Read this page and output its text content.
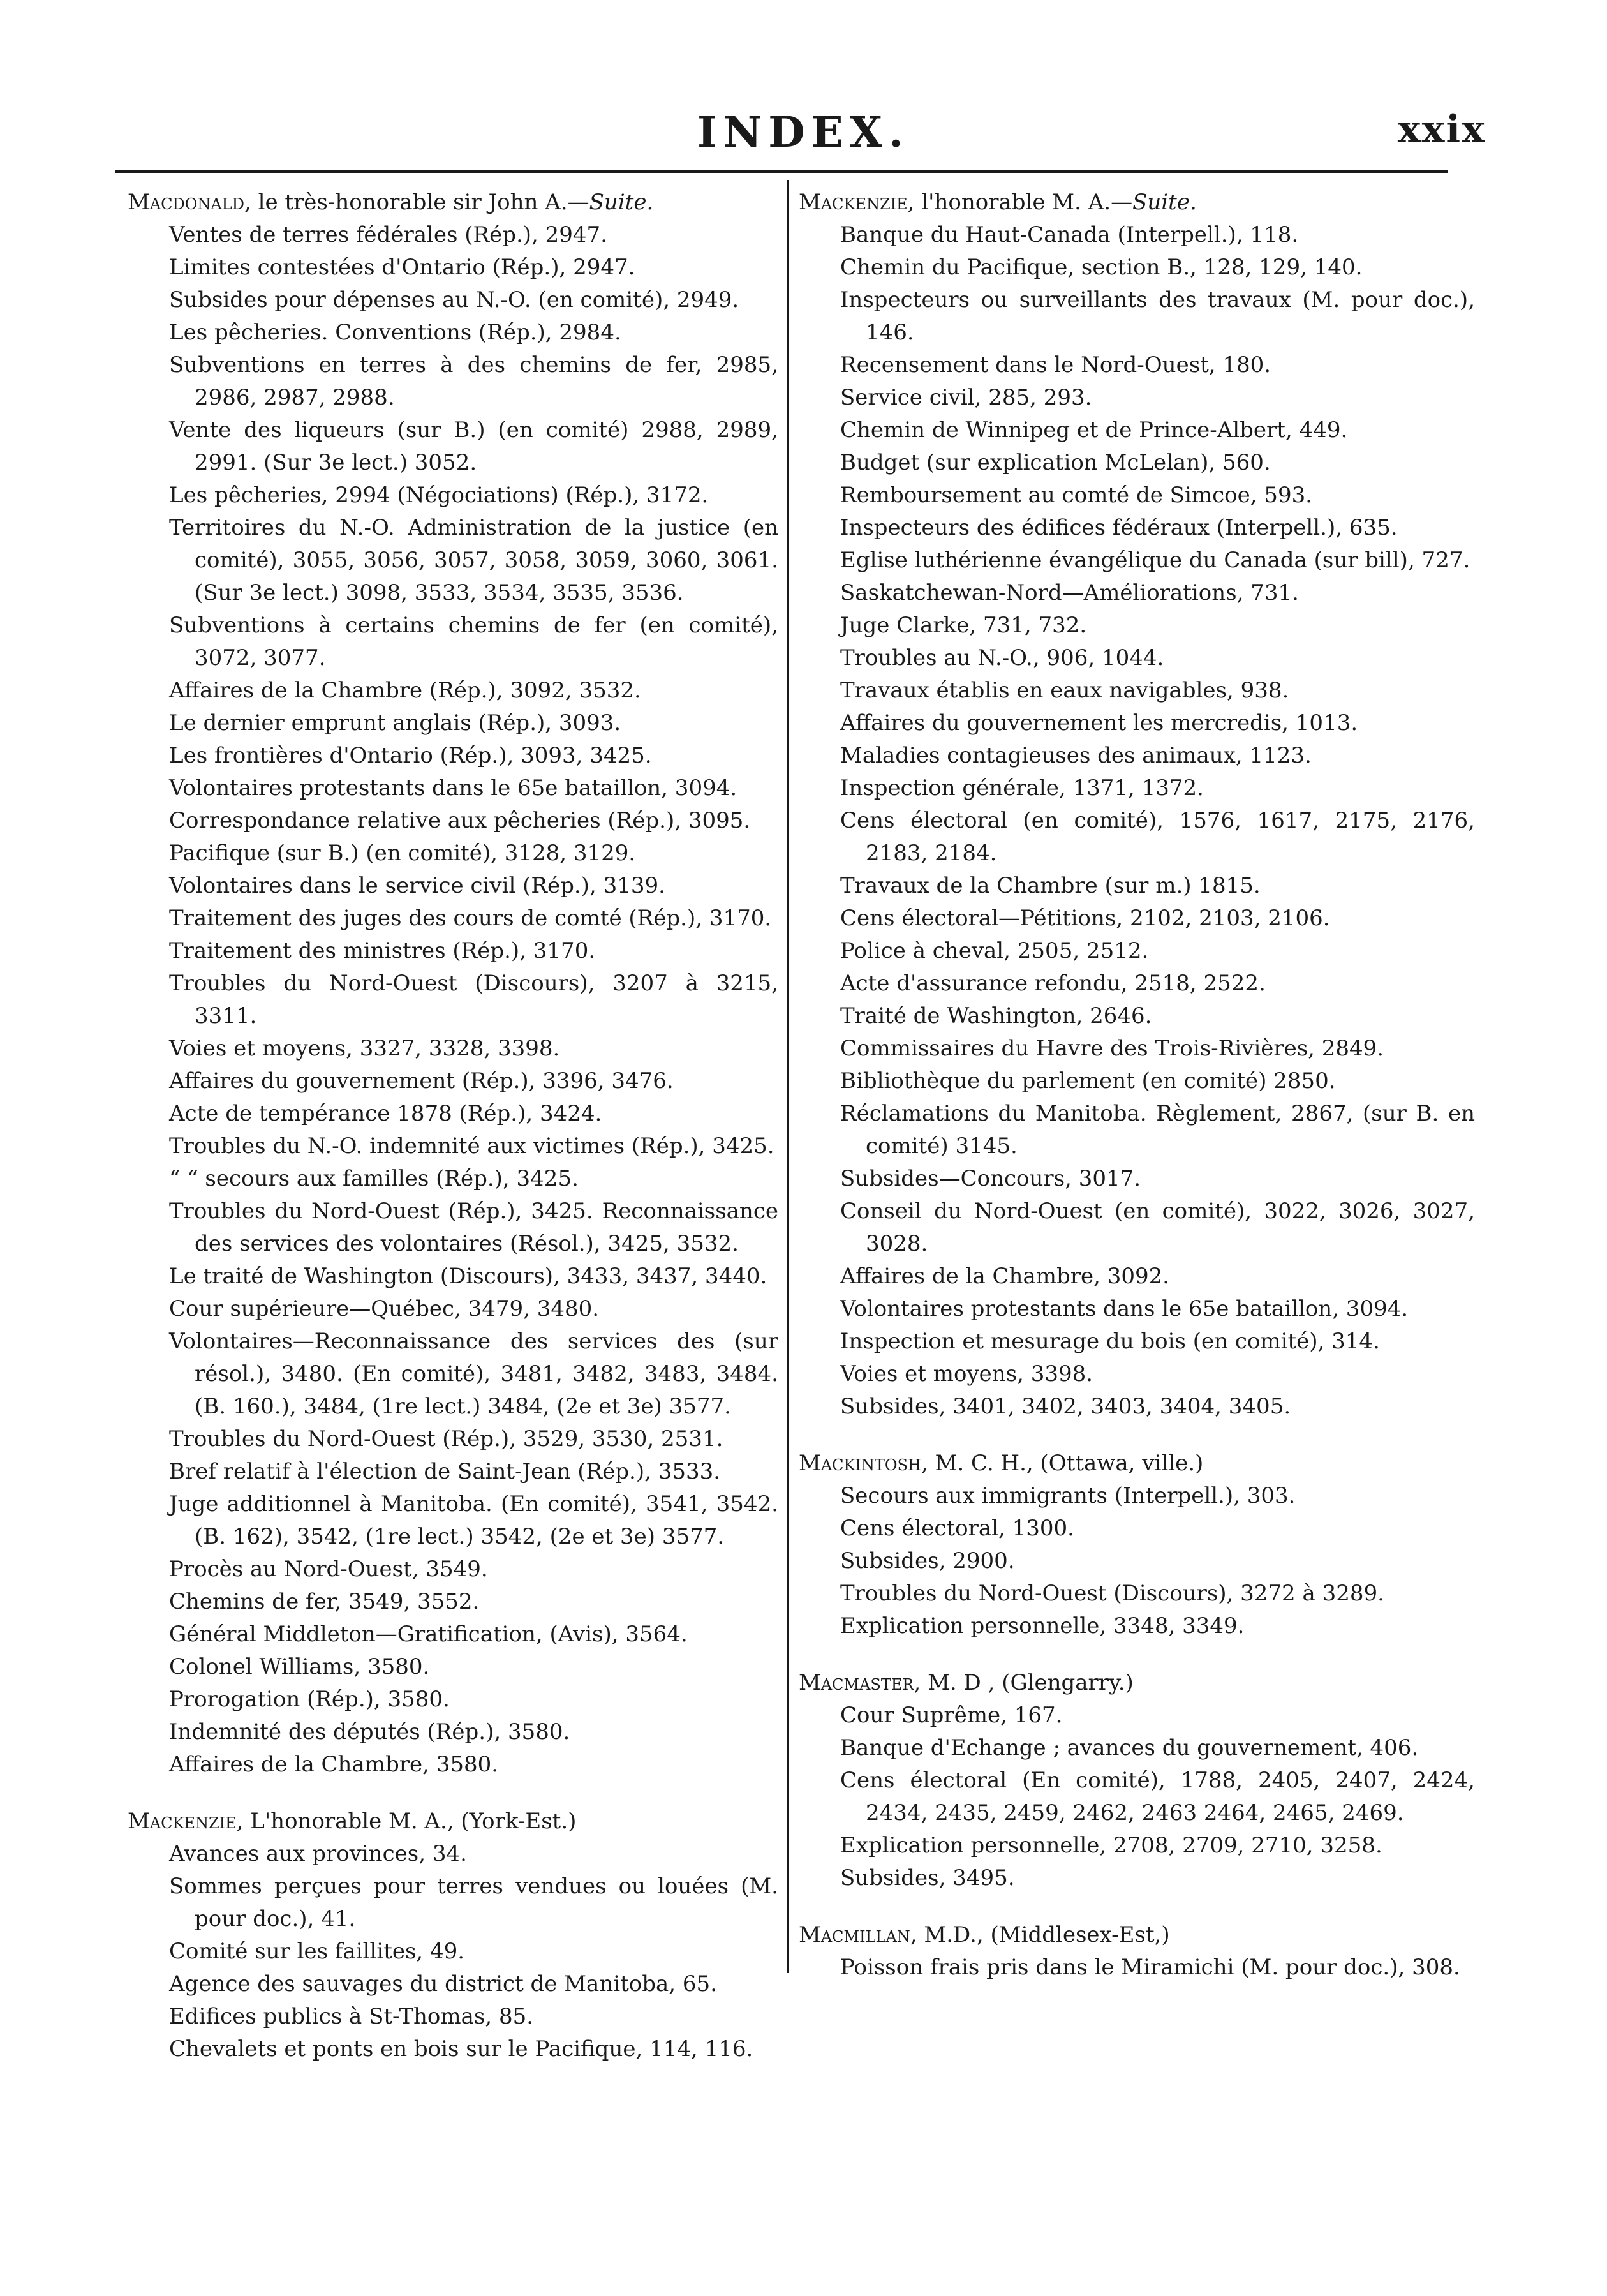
INDEX.	xxix
Macdonald, le très-honorable sir John A.—Suite.
Ventes de terres fédérales (Rép.), 2947.
Limites contestées d'Ontario (Rép.), 2947.
Subsides pour dépenses au N.-O. (en comité), 2949.
Les pêcheries. Conventions (Rép.), 2984.
Subventions en terres à des chemins de fer, 2985, 2986, 2987, 2988.
Vente des liqueurs (sur B.) (en comité) 2988, 2989, 2991. (Sur 3e lect.) 3052.
Les pêcheries, 2994 (Négociations) (Rép.), 3172.
Territoires du N.-O. Administration de la justice (en comité), 3055, 3056, 3057, 3058, 3059, 3060, 3061. (Sur 3e lect.) 3098, 3533, 3534, 3535, 3536.
Subventions à certains chemins de fer (en comité), 3072, 3077.
Affaires de la Chambre (Rép.), 3092, 3532.
Le dernier emprunt anglais (Rép.), 3093.
Les frontières d'Ontario (Rép.), 3093, 3425.
Volontaires protestants dans le 65e bataillon, 3094.
Correspondance relative aux pêcheries (Rép.), 3095.
Pacifique (sur B.) (en comité), 3128, 3129.
Volontaires dans le service civil (Rép.), 3139.
Traitement des juges des cours de comté (Rép.), 3170.
Traitement des ministres (Rép.), 3170.
Troubles du Nord-Ouest (Discours), 3207 à 3215, 3311.
Voies et moyens, 3327, 3328, 3398.
Affaires du gouvernement (Rép.), 3396, 3476.
Acte de tempérance 1878 (Rép.), 3424.
Troubles du N.-O. indemnité aux victimes (Rép.), 3425.
“ “ secours aux familles (Rép.), 3425.
Troubles du Nord-Ouest (Rép.), 3425. Reconnaissance des services des volontaires (Résol.), 3425, 3532.
Le traité de Washington (Discours), 3433, 3437, 3440.
Cour supérieure—Québec, 3479, 3480.
Volontaires—Reconnaissance des services des (sur résol.), 3480. (En comité), 3481, 3482, 3483, 3484. (B. 160.), 3484, (1re lect.) 3484, (2e et 3e) 3577.
Troubles du Nord-Ouest (Rép.), 3529, 3530, 2531.
Bref relatif à l'élection de Saint-Jean (Rép.), 3533.
Juge additionnel à Manitoba. (En comité), 3541, 3542. (B. 162), 3542, (1re lect.) 3542, (2e et 3e) 3577.
Procès au Nord-Ouest, 3549.
Chemins de fer, 3549, 3552.
Général Middleton—Gratification, (Avis), 3564.
Colonel Williams, 3580.
Prorogation (Rép.), 3580.
Indemnité des députés (Rép.), 3580.
Affaires de la Chambre, 3580.
Mackenzie, L'honorable M. A., (York-Est.)
Avances aux provinces, 34.
Sommes perçues pour terres vendues ou louées (M. pour doc.), 41.
Comité sur les faillites, 49.
Agence des sauvages du district de Manitoba, 65.
Edifices publics à St-Thomas, 85.
Chevalets et ponts en bois sur le Pacifique, 114, 116.
Mackenzie, l'honorable M. A.—Suite.
Banque du Haut-Canada (Interpell.), 118.
Chemin du Pacifique, section B., 128, 129, 140.
Inspecteurs ou surveillants des travaux (M. pour doc.), 146.
Recensement dans le Nord-Ouest, 180.
Service civil, 285, 293.
Chemin de Winnipeg et de Prince-Albert, 449.
Budget (sur explication McLelan), 560.
Remboursement au comté de Simcoe, 593.
Inspecteurs des édifices fédéraux (Interpell.), 635.
Eglise luthérienne évangélique du Canada (sur bill), 727.
Saskatchewan-Nord—Améliorations, 731.
Juge Clarke, 731, 732.
Troubles au N.-O., 906, 1044.
Travaux établis en eaux navigables, 938.
Affaires du gouvernement les mercredis, 1013.
Maladies contagieuses des animaux, 1123.
Inspection générale, 1371, 1372.
Cens électoral (en comité), 1576, 1617, 2175, 2176, 2183, 2184.
Travaux de la Chambre (sur m.) 1815.
Cens électoral—Pétitions, 2102, 2103, 2106.
Police à cheval, 2505, 2512.
Acte d'assurance refondu, 2518, 2522.
Traité de Washington, 2646.
Commissaires du Havre des Trois-Rivières, 2849.
Bibliothèque du parlement (en comité) 2850.
Réclamations du Manitoba. Règlement, 2867, (sur B. en comité) 3145.
Subsides—Concours, 3017.
Conseil du Nord-Ouest (en comité), 3022, 3026, 3027, 3028.
Affaires de la Chambre, 3092.
Volontaires protestants dans le 65e bataillon, 3094.
Inspection et mesurage du bois (en comité), 314.
Voies et moyens, 3398.
Subsides, 3401, 3402, 3403, 3404, 3405.
Mackintosh, M. C. H., (Ottawa, ville.)
Secours aux immigrants (Interpell.), 303.
Cens électoral, 1300.
Subsides, 2900.
Troubles du Nord-Ouest (Discours), 3272 à 3289.
Explication personnelle, 3348, 3349.
Macmaster, M. D , (Glengarry.)
Cour Suprême, 167.
Banque d'Echange ; avances du gouvernement, 406.
Cens électoral (En comité), 1788, 2405, 2407, 2424, 2434, 2435, 2459, 2462, 2463 2464, 2465, 2469.
Explication personnelle, 2708, 2709, 2710, 3258.
Subsides, 3495.
Macmillan, M.D., (Middlesex-Est,)
Poisson frais pris dans le Miramichi (M. pour doc.), 308.
